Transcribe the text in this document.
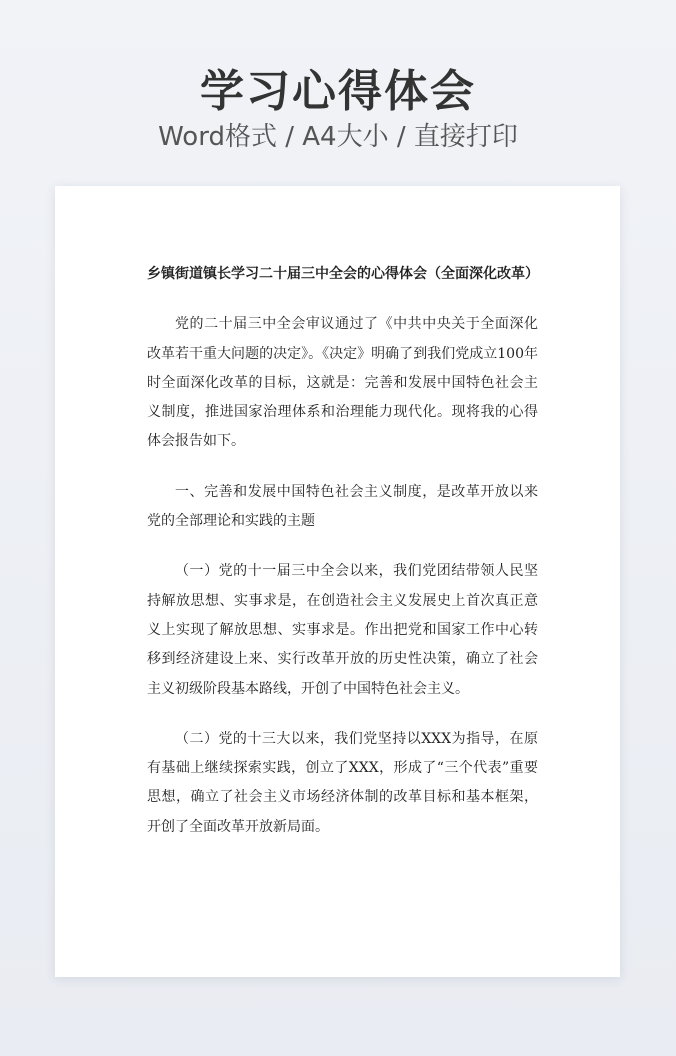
学习心得体会
Word格式 / A4大小 / 直接打印

乡镇街道镇长学习二十届三中全会的心得体会（全面深化改革）

党的二十届三中全会审议通过了《中共中央关于全面深化改革若干重大问题的决定》。《决定》明确了到我们党成立100年时全面深化改革的目标，这就是：完善和发展中国特色社会主义制度，推进国家治理体系和治理能力现代化。现将我的心得体会报告如下。

一、完善和发展中国特色社会主义制度，是改革开放以来党的全部理论和实践的主题

（一）党的十一届三中全会以来，我们党团结带领人民坚持解放思想、实事求是，在创造社会主义发展史上首次真正意义上实现了解放思想、实事求是。作出把党和国家工作中心转移到经济建设上来、实行改革开放的历史性决策，确立了社会主义初级阶段基本路线，开创了中国特色社会主义。

（二）党的十三大以来，我们党坚持以XXX为指导，在原有基础上继续探索实践，创立了XXX，形成了“三个代表”重要思想，确立了社会主义市场经济体制的改革目标和基本框架，开创了全面改革开放新局面。
